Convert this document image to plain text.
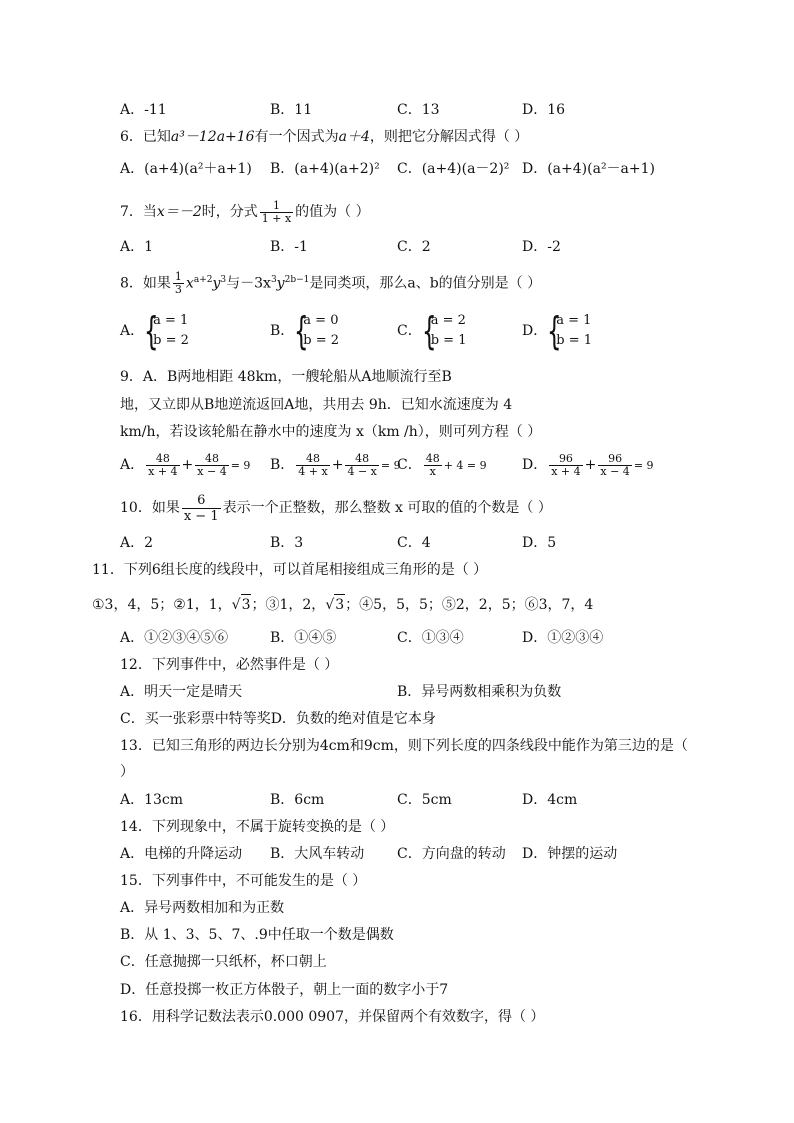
A．-11	B．11	C．13	D．16
6．已知a³－12a+16有一个因式为a＋4，则把它分解因式得（ ）
A．(a+4)(a²＋a+1) B．(a+4)(a+2)² C．(a+4)(a－2)² D．(a+4)(a²－a+1)
7．当x＝－2时，分式 $\frac{1}{1 + x}$ 的值为（ ）
A．1	B．-1	C．2	D．-2
8．如果 $\frac{1}{3} x^{a+2}y^3$与$-3x^3y^{2b-1}$是同类项，那么a、b的值分别是（ ）
A． {
a = 1
b = 2
B． {
a = 0
b = 2
C． {
a = 2
b = 1
D． {
a = 1
b = 1
9．A．B两地相距 48km，一艘轮船从A地顺流行至B
地，又立即从B地逆流返回A地，共用去 9h．已知水流速度为 4
km/h，若设该轮船在静水中的速度为 x（km /h），则可列方程（ ）
A． $\frac{48}{x + 4} + \frac{48}{x - 4} = 9$ B． $\frac{48}{4 + x} + \frac{48}{4 - x} = 9$
C． $\frac{48}{x} + 4 = 9$	D． $\frac{96}{x + 4} + \frac{96}{x - 4} = 9$
10．如果 $\frac{6}{x - 1}$ 表示一个正整数，那么整数 x 可取的值的个数是（ ）
A．2	B．3	C．4	D．5
11．下列6组长度的线段中，可以首尾相接组成三角形的是（ ）
①3，4，5；②1，1，√3；③1，2，√3；④5，5，5；⑤2，2，5；⑥3，7，4
A．①②③④⑤⑥	B．①④⑤	C．①③④	D．①②③④
12．下列事件中，必然事件是（ ）
A．明天一定是晴天	B．异号两数相乘积为负数
C．买一张彩票中特等奖D．负数的绝对值是它本身
13．已知三角形的两边长分别为4cm和9cm，则下列长度的四条线段中能作为第三边的是（
）
A．13cm	B．6cm	C．5cm	D．4cm
14．下列现象中，不属于旋转变换的是（ ）
A．电梯的升降运动 B．大风车转动 C．方向盘的转动 D．钟摆的运动
15．下列事件中，不可能发生的是（ ）
A．异号两数相加和为正数
B．从 1、3、5、7、.9中任取一个数是偶数
C．任意抛掷一只纸杯，杯口朝上
D．任意投掷一枚正方体骰子，朝上一面的数字小于7
16．用科学记数法表示0.000 0907，并保留两个有效数字，得（ ）
